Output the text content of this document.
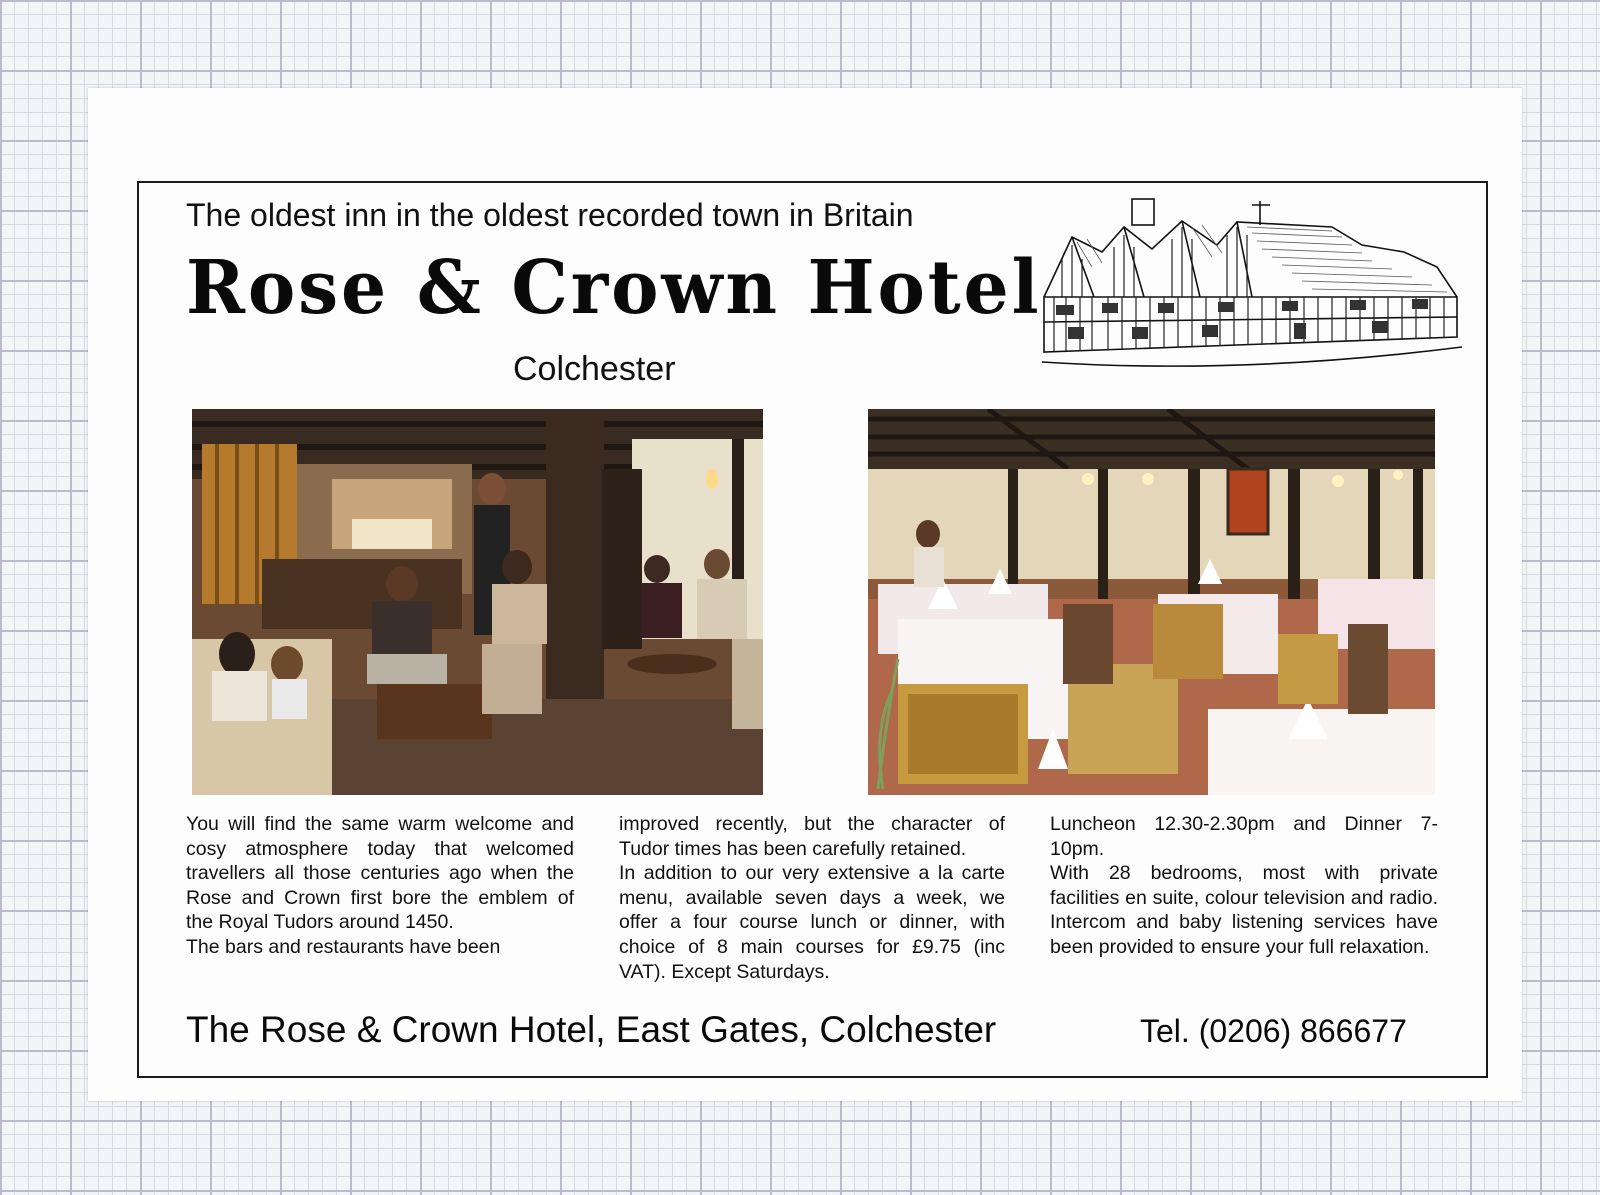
The oldest inn in the oldest recorded town in Britain
Rose & Crown Hotel
Colchester

You will find the same warm welcome and cosy atmosphere today that welcomed travellers all those centuries ago when the Rose and Crown first bore the emblem of the Royal Tudors around 1450.

The bars and restaurants have been

improved recently, but the character of Tudor times has been carefully retained.

In addition to our very extensive a la carte menu, available seven days a week, we offer a four course lunch or dinner, with choice of 8 main courses for £9.75 (inc VAT). Except Saturdays.

Luncheon 12.30-2.30pm and Dinner 7-10pm.

With 28 bedrooms, most with private facilities en suite, colour television and radio. Intercom and baby listening services have been provided to ensure your full relaxation.

The Rose & Crown Hotel, East Gates, Colchester	Tel. (0206) 866677
